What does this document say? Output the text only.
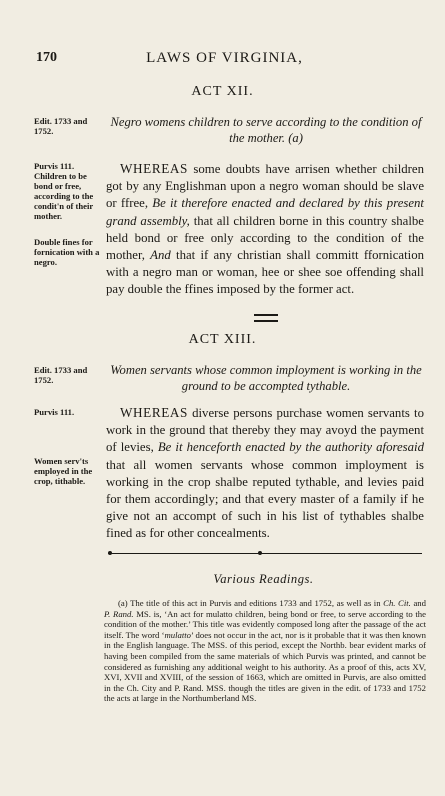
170	LAWS OF VIRGINIA,
ACT XII.
Edit. 1733 and 1752.
Negro womens children to serve according to the condition of the mother. (a)
Purvis 111. Children to be bond or free, according to the condit'n of their mother.
Double fines for fornication with a negro.

WHEREAS some doubts have arrisen whether children got by any Englishman upon a negro woman should be slave or ffree, Be it therefore enacted and declared by this present grand assembly, that all children borne in this country shalbe held bond or free only according to the condition of the mother, And that if any christian shall committ ffornication with a negro man or woman, hee or shee soe offending shall pay double the ffines imposed by the former act.

ACT XIII.
Edit. 1733 and 1752.
Women servants whose common imployment is working in the ground to be accompted tythable.
Purvis 111.
Women serv'ts employed in the crop, tithable.

WHEREAS diverse persons purchase women servants to work in the ground that thereby they may avoyd the payment of levies, Be it henceforth enacted by the authority aforesaid that all women servants whose common imployment is working in the crop shalbe reputed tythable, and levies paid for them accordingly; and that every master of a family if he give not an accompt of such in his list of tythables shalbe fined as for other concealments.

Various Readings.

(a) The title of this act in Purvis and editions 1733 and 1752, as well as in Ch. Cit. and P. Rand. MS. is, ‘An act for mulatto children, being bond or free, to serve according to the condition of the mother.’ This title was evidently composed long after the passage of the act itself. The word ‘mulatto’ does not occur in the act, nor is it probable that it was then known in the English language. The MSS. of this period, except the Northb. bear evident marks of having been compiled from the same materials of which Purvis was printed, and cannot be considered as furnishing any additional weight to his authority. As a proof of this, acts XV, XVI, XVII and XVIII, of the session of 1663, which are omitted in Purvis, are also omitted in the Ch. City and P. Rand. MSS. though the titles are given in the edit. of 1733 and 1752 the acts at large in the Northumberland MS.
